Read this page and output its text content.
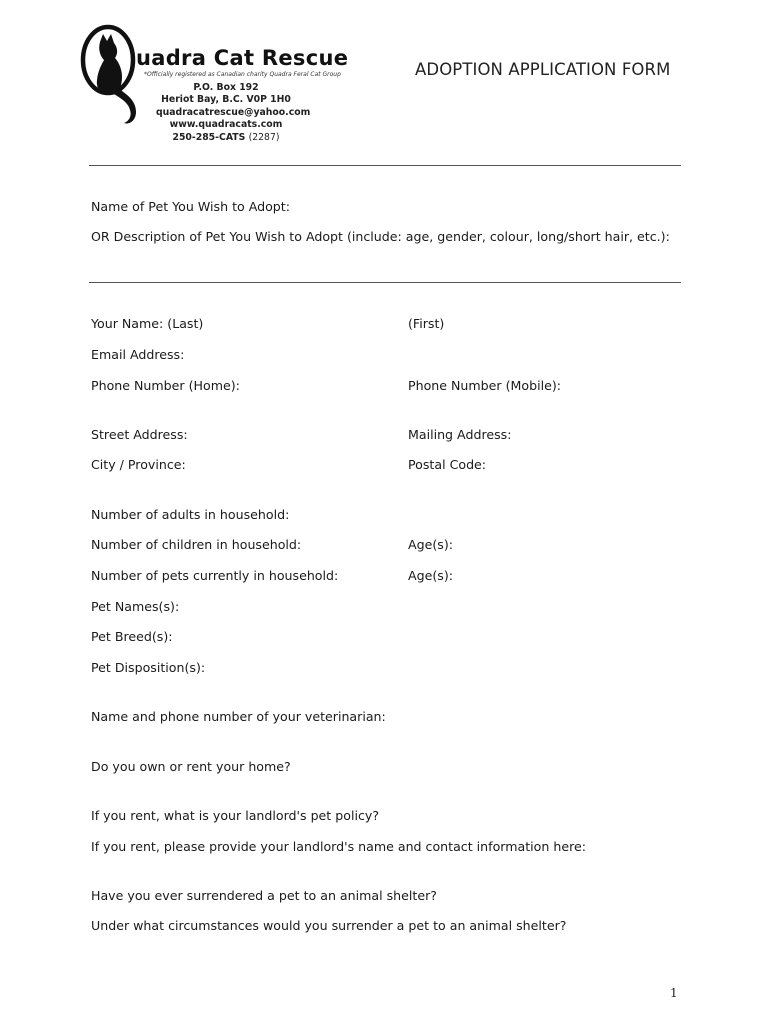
uadra Cat Rescue
*Officially registered as Canadian charity Quadra Feral Cat Group
P.O. Box 192
Heriot Bay, B.C. V0P 1H0
quadracatrescue@yahoo.com
www.quadracats.com
250-285-CATS (2287)
ADOPTION APPLICATION FORM
Name of Pet You Wish to Adopt:
OR Description of Pet You Wish to Adopt (include: age, gender, colour, long/short hair, etc.):
Your Name: (Last)	(First)
Email Address:
Phone Number (Home):	Phone Number (Mobile):
Street Address:	Mailing Address:
City / Province:	Postal Code:
Number of adults in household:
Number of children in household:	Age(s):
Number of pets currently in household:	Age(s):
Pet Names(s):
Pet Breed(s):
Pet Disposition(s):
Name and phone number of your veterinarian:
Do you own or rent your home?
If you rent, what is your landlord's pet policy?
If you rent, please provide your landlord's name and contact information here:
Have you ever surrendered a pet to an animal shelter?
Under what circumstances would you surrender a pet to an animal shelter?
1
